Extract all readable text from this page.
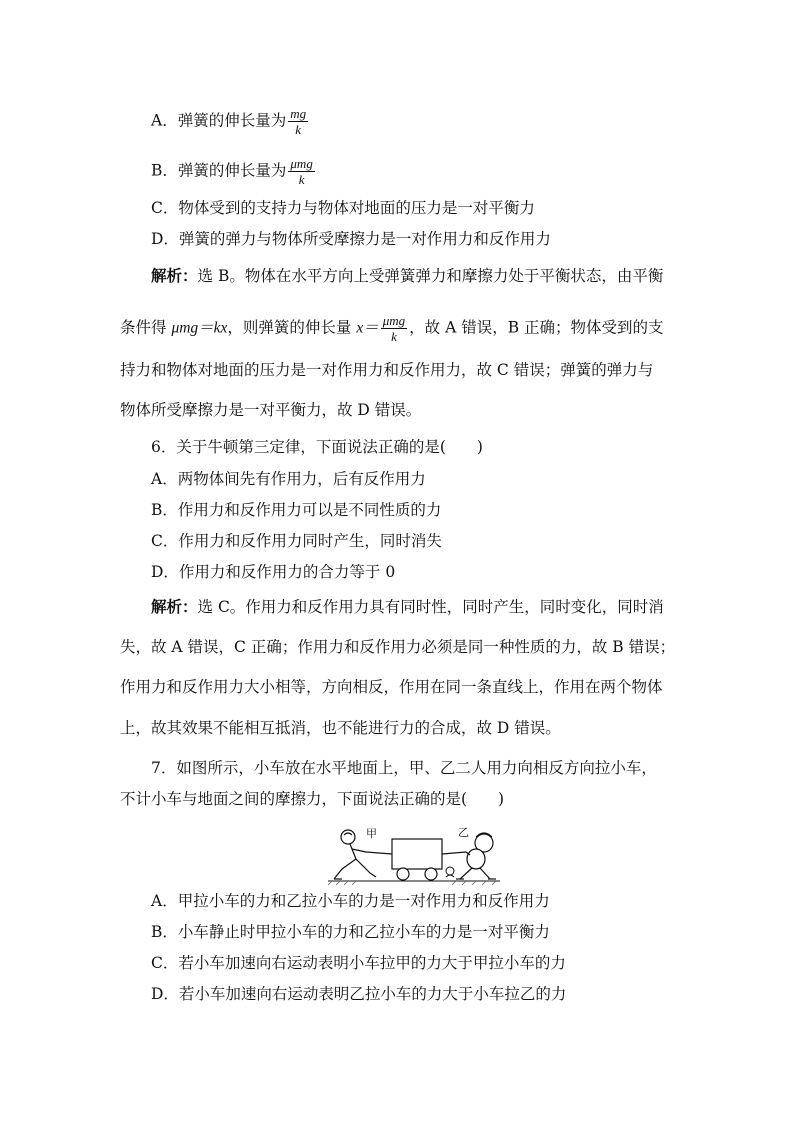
A．弹簧的伸长量为 $\frac{mg}{k}$
B．弹簧的伸长量为 $\frac{\text{μmg}}{k}$
C．物体受到的支持力与物体对地面的压力是一对平衡力
D．弹簧的弹力与物体所受摩擦力是一对作用力和反作用力
解析：选 B。物体在水平方向上受弹簧弹力和摩擦力处于平衡状态，由平衡
条件得 μmg＝kx，则弹簧的伸长量 $x= \frac{\text{μmg}}{k}$ ，故 A 错误，B 正确；物体受到的支
持力和物体对地面的压力是一对作用力和反作用力，故 C 错误；弹簧的弹力与
物体所受摩擦力是一对平衡力，故 D 错误。
6．关于牛顿第三定律，下面说法正确的是(　　)
A．两物体间先有作用力，后有反作用力
B．作用力和反作用力可以是不同性质的力
C．作用力和反作用力同时产生，同时消失
D．作用力和反作用力的合力等于 0
解析：选 C。作用力和反作用力具有同时性，同时产生，同时变化，同时消
失，故 A 错误，C 正确；作用力和反作用力必须是同一种性质的力，故 B 错误；
作用力和反作用力大小相等，方向相反，作用在同一条直线上，作用在两个物体
上，故其效果不能相互抵消，也不能进行力的合成，故 D 错误。
7．如图所示，小车放在水平地面上，甲、乙二人用力向相反方向拉小车，
不计小车与地面之间的摩擦力，下面说法正确的是(　　)
甲	乙
A．甲拉小车的力和乙拉小车的力是一对作用力和反作用力
B．小车静止时甲拉小车的力和乙拉小车的力是一对平衡力
C．若小车加速向右运动表明小车拉甲的力大于甲拉小车的力
D．若小车加速向右运动表明乙拉小车的力大于小车拉乙的力
